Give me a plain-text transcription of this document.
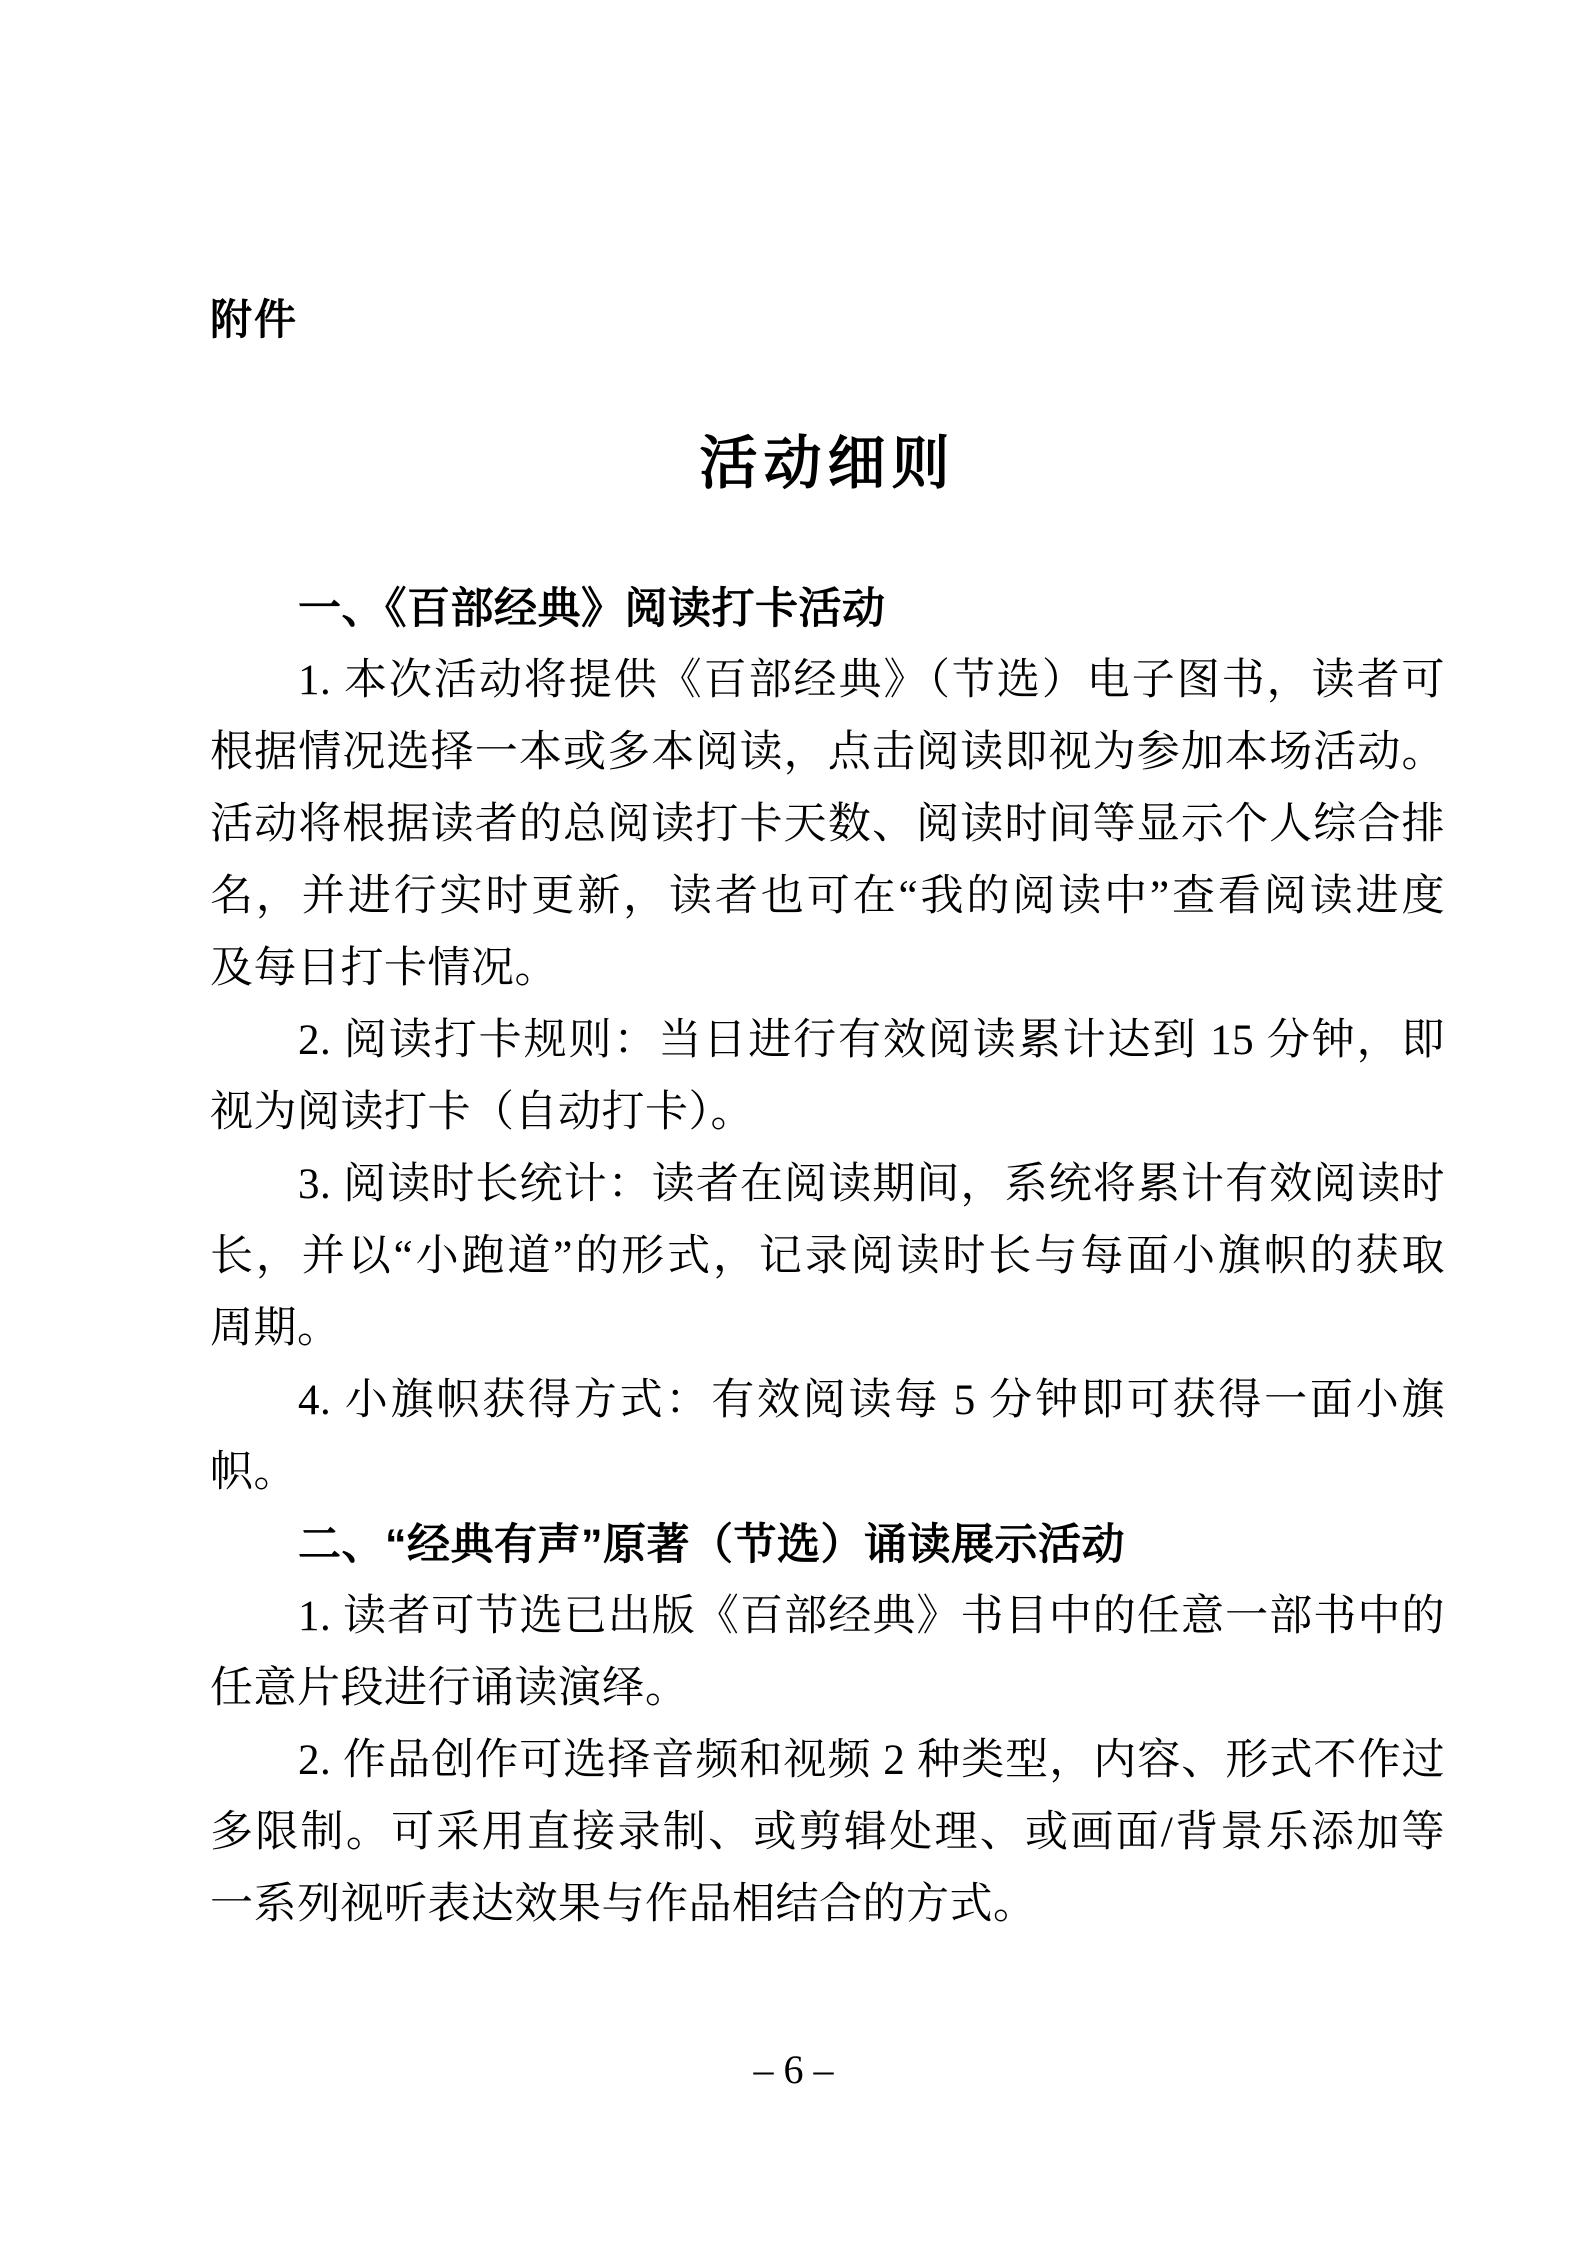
附件
活动细则
一、《百部经典》阅读打卡活动
1. 本次活动将提供《百部经典》（节选）电子图书，读者可
根据情况选择一本或多本阅读，点击阅读即视为参加本场活动。
活动将根据读者的总阅读打卡天数、阅读时间等显示个人综合排
名，并进行实时更新，读者也可在“我的阅读中”查看阅读进度
及每日打卡情况。
2. 阅读打卡规则：当日进行有效阅读累计达到 15 分钟，即
视为阅读打卡（自动打卡）。
3. 阅读时长统计：读者在阅读期间，系统将累计有效阅读时
长，并以“小跑道”的形式，记录阅读时长与每面小旗帜的获取
周期。
4. 小旗帜获得方式：有效阅读每 5 分钟即可获得一面小旗
帜。
二、“经典有声”原著（节选）诵读展示活动
1. 读者可节选已出版《百部经典》书目中的任意一部书中的
任意片段进行诵读演绎。
2. 作品创作可选择音频和视频 2 种类型，内容、形式不作过
多限制。可采用直接录制、或剪辑处理、或画面/背景乐添加等
一系列视听表达效果与作品相结合的方式。
– 6 –
